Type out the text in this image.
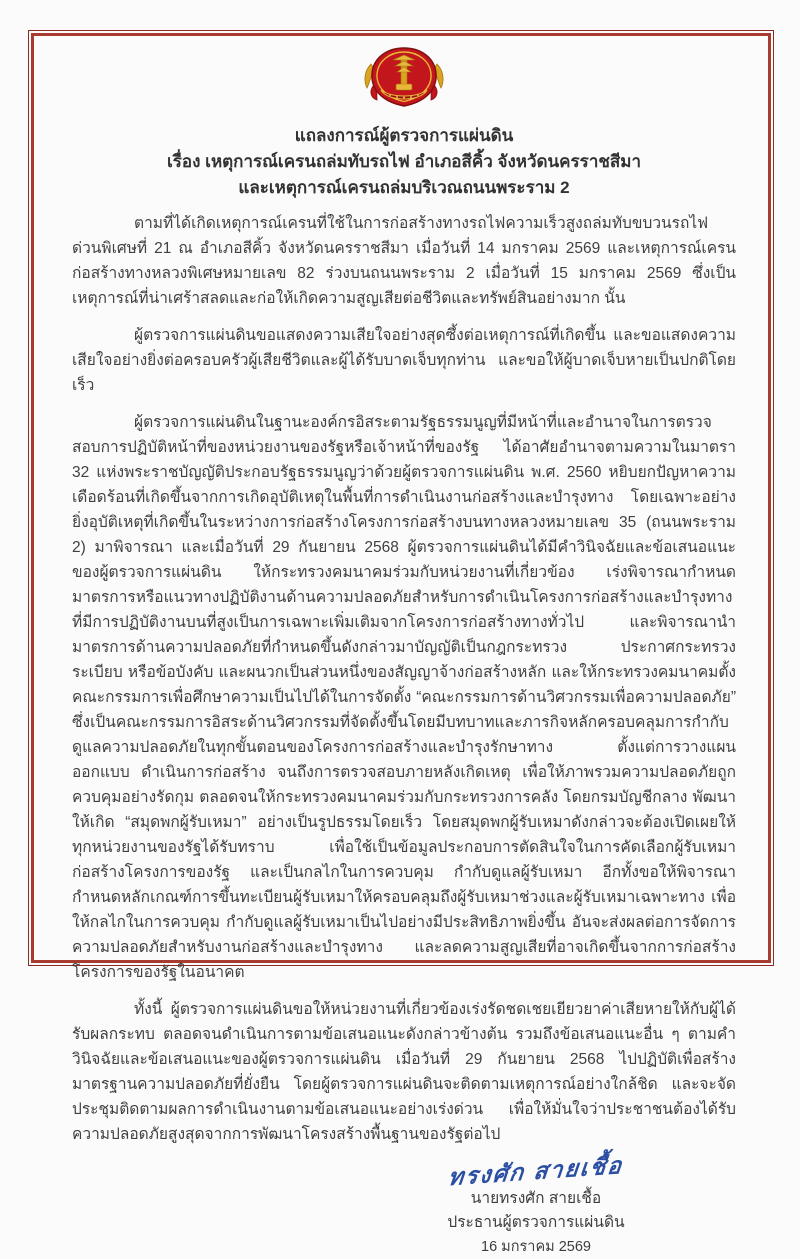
แถลงการณ์ผู้ตรวจการแผ่นดิน
เรื่อง เหตุการณ์เครนถล่มทับรถไฟ อำเภอสีคิ้ว จังหวัดนครราชสีมา
และเหตุการณ์เครนถล่มบริเวณถนนพระราม 2

ตามที่ได้เกิดเหตุการณ์เครนที่ใช้ในการก่อสร้างทางรถไฟความเร็วสูงถล่มทับขบวนรถไฟด่วนพิเศษที่ 21 ณ อำเภอสีคิ้ว จังหวัดนครราชสีมา เมื่อวันที่ 14 มกราคม 2569 และเหตุการณ์เครนก่อสร้างทางหลวงพิเศษหมายเลข 82 ร่วงบนถนนพระราม 2 เมื่อวันที่ 15 มกราคม 2569 ซึ่งเป็นเหตุการณ์ที่น่าเศร้าสลดและก่อให้เกิดความสูญเสียต่อชีวิตและทรัพย์สินอย่างมาก นั้น

ผู้ตรวจการแผ่นดินขอแสดงความเสียใจอย่างสุดซึ้งต่อเหตุการณ์ที่เกิดขึ้น และขอแสดงความเสียใจอย่างยิ่งต่อครอบครัวผู้เสียชีวิตและผู้ได้รับบาดเจ็บทุกท่าน และขอให้ผู้บาดเจ็บหายเป็นปกติโดยเร็ว

ผู้ตรวจการแผ่นดินในฐานะองค์กรอิสระตามรัฐธรรมนูญที่มีหน้าที่และอำนาจในการตรวจสอบการปฏิบัติหน้าที่ของหน่วยงานของรัฐหรือเจ้าหน้าที่ของรัฐ ได้อาศัยอำนาจตามความในมาตรา 32 แห่งพระราชบัญญัติประกอบรัฐธรรมนูญว่าด้วยผู้ตรวจการแผ่นดิน พ.ศ. 2560 หยิบยกปัญหาความเดือดร้อนที่เกิดขึ้นจากการเกิดอุบัติเหตุในพื้นที่การดำเนินงานก่อสร้างและบำรุงทาง โดยเฉพาะอย่างยิ่งอุบัติเหตุที่เกิดขึ้นในระหว่างการก่อสร้างโครงการก่อสร้างบนทางหลวงหมายเลข 35 (ถนนพระราม 2) มาพิจารณา และเมื่อวันที่ 29 กันยายน 2568 ผู้ตรวจการแผ่นดินได้มีคำวินิจฉัยและข้อเสนอแนะของผู้ตรวจการแผ่นดิน ให้กระทรวงคมนาคมร่วมกับหน่วยงานที่เกี่ยวข้อง เร่งพิจารณากำหนดมาตรการหรือแนวทางปฏิบัติงานด้านความปลอดภัยสำหรับการดำเนินโครงการก่อสร้างและบำรุงทางที่มีการปฏิบัติงานบนที่สูงเป็นการเฉพาะเพิ่มเติมจากโครงการก่อสร้างทางทั่วไป และพิจารณานำมาตรการด้านความปลอดภัยที่กำหนดขึ้นดังกล่าวมาบัญญัติเป็นกฎกระทรวง ประกาศกระทรวง ระเบียบ หรือข้อบังคับ และผนวกเป็นส่วนหนึ่งของสัญญาจ้างก่อสร้างหลัก และให้กระทรวงคมนาคมตั้งคณะกรรมการเพื่อศึกษาความเป็นไปได้ในการจัดตั้ง “คณะกรรมการด้านวิศวกรรมเพื่อความปลอดภัย” ซึ่งเป็นคณะกรรมการอิสระด้านวิศวกรรมที่จัดตั้งขึ้นโดยมีบทบาทและภารกิจหลักครอบคลุมการกำกับดูแลความปลอดภัยในทุกขั้นตอนของโครงการก่อสร้างและบำรุงรักษาทาง ตั้งแต่การวางแผน ออกแบบ ดำเนินการก่อสร้าง จนถึงการตรวจสอบภายหลังเกิดเหตุ เพื่อให้ภาพรวมความปลอดภัยถูกควบคุมอย่างรัดกุม ตลอดจนให้กระทรวงคมนาคมร่วมกับกระทรวงการคลัง โดยกรมบัญชีกลาง พัฒนาให้เกิด “สมุดพกผู้รับเหมา” อย่างเป็นรูปธรรมโดยเร็ว โดยสมุดพกผู้รับเหมาดังกล่าวจะต้องเปิดเผยให้ทุกหน่วยงานของรัฐได้รับทราบ เพื่อใช้เป็นข้อมูลประกอบการตัดสินใจในการคัดเลือกผู้รับเหมาก่อสร้างโครงการของรัฐ และเป็นกลไกในการควบคุม กำกับดูแลผู้รับเหมา อีกทั้งขอให้พิจารณากำหนดหลักเกณฑ์การขึ้นทะเบียนผู้รับเหมาให้ครอบคลุมถึงผู้รับเหมาช่วงและผู้รับเหมาเฉพาะทาง เพื่อให้กลไกในการควบคุม กำกับดูแลผู้รับเหมาเป็นไปอย่างมีประสิทธิภาพยิ่งขึ้น อันจะส่งผลต่อการจัดการความปลอดภัยสำหรับงานก่อสร้างและบำรุงทาง และลดความสูญเสียที่อาจเกิดขึ้นจากการก่อสร้างโครงการของรัฐในอนาคต

ทั้งนี้ ผู้ตรวจการแผ่นดินขอให้หน่วยงานที่เกี่ยวข้องเร่งรัดชดเชยเยียวยาค่าเสียหายให้กับผู้ได้รับผลกระทบ ตลอดจนดำเนินการตามข้อเสนอแนะดังกล่าวข้างต้น รวมถึงข้อเสนอแนะอื่น ๆ ตามคำวินิจฉัยและข้อเสนอแนะของผู้ตรวจการแผ่นดิน เมื่อวันที่ 29 กันยายน 2568 ไปปฏิบัติเพื่อสร้างมาตรฐานความปลอดภัยที่ยั่งยืน โดยผู้ตรวจการแผ่นดินจะติดตามเหตุการณ์อย่างใกล้ชิด และจะจัดประชุมติดตามผลการดำเนินงานตามข้อเสนอแนะอย่างเร่งด่วน เพื่อให้มั่นใจว่าประชาชนต้องได้รับความปลอดภัยสูงสุดจากการพัฒนาโครงสร้างพื้นฐานของรัฐต่อไป

ทรงศัก สายเชื้อ
นายทรงศัก สายเชื้อ
ประธานผู้ตรวจการแผ่นดิน
16 มกราคม 2569
